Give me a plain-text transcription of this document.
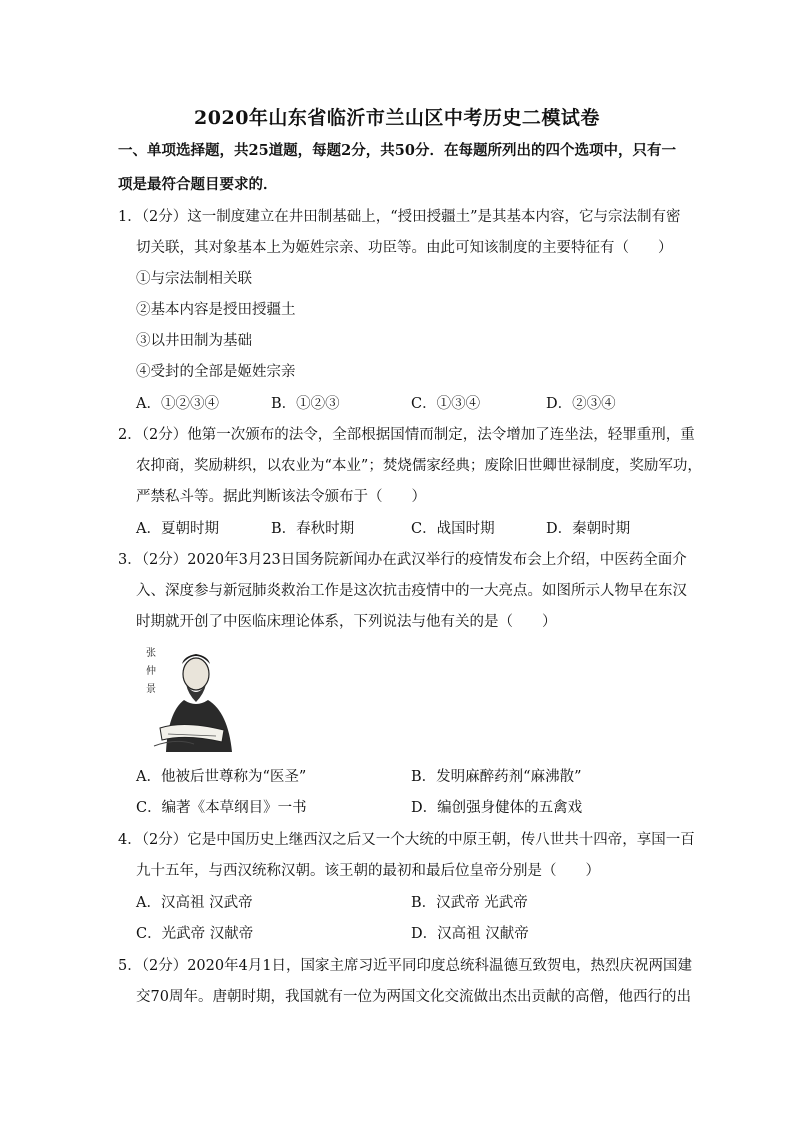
2020年山东省临沂市兰山区中考历史二模试卷
一、单项选择题，共25道题，每题2分，共50分．在每题所列出的四个选项中，只有一
项是最符合题目要求的．
1．（2分）这一制度建立在井田制基础上，“授田授疆土”是其基本内容，它与宗法制有密
切关联，其对象基本上为姬姓宗亲、功臣等。由此可知该制度的主要特征有（　　）
①与宗法制相关联
②基本内容是授田授疆土
③以井田制为基础
④受封的全部是姬姓宗亲
A．①②③④	B．①②③	C．①③④	D．②③④
2．（2分）他第一次颁布的法令，全部根据国情而制定，法令增加了连坐法，轻罪重刑，重
农抑商，奖励耕织，以农业为“本业”；焚烧儒家经典；废除旧世卿世禄制度，奖励军功，
严禁私斗等。据此判断该法令颁布于（　　）
A．夏朝时期	B．春秋时期	C．战国时期	D．秦朝时期
3．（2分）2020年3月23日国务院新闻办在武汉举行的疫情发布会上介绍，中医药全面介
入、深度参与新冠肺炎救治工作是这次抗击疫情中的一大亮点。如图所示人物早在东汉
时期就开创了中医临床理论体系，下列说法与他有关的是（　　）
张
仲
景
A．他被后世尊称为“医圣”	B．发明麻醉药剂“麻沸散”
C．编著《本草纲目》一书	D．编创强身健体的五禽戏
4．（2分）它是中国历史上继西汉之后又一个大统的中原王朝，传八世共十四帝，享国一百
九十五年，与西汉统称汉朝。该王朝的最初和最后位皇帝分别是（　　）
A．汉高祖 汉武帝	B．汉武帝 光武帝
C．光武帝 汉献帝	D．汉高祖 汉献帝
5．（2分）2020年4月1日，国家主席习近平同印度总统科温德互致贺电，热烈庆祝两国建
交70周年。唐朝时期，我国就有一位为两国文化交流做出杰出贡献的高僧，他西行的出
